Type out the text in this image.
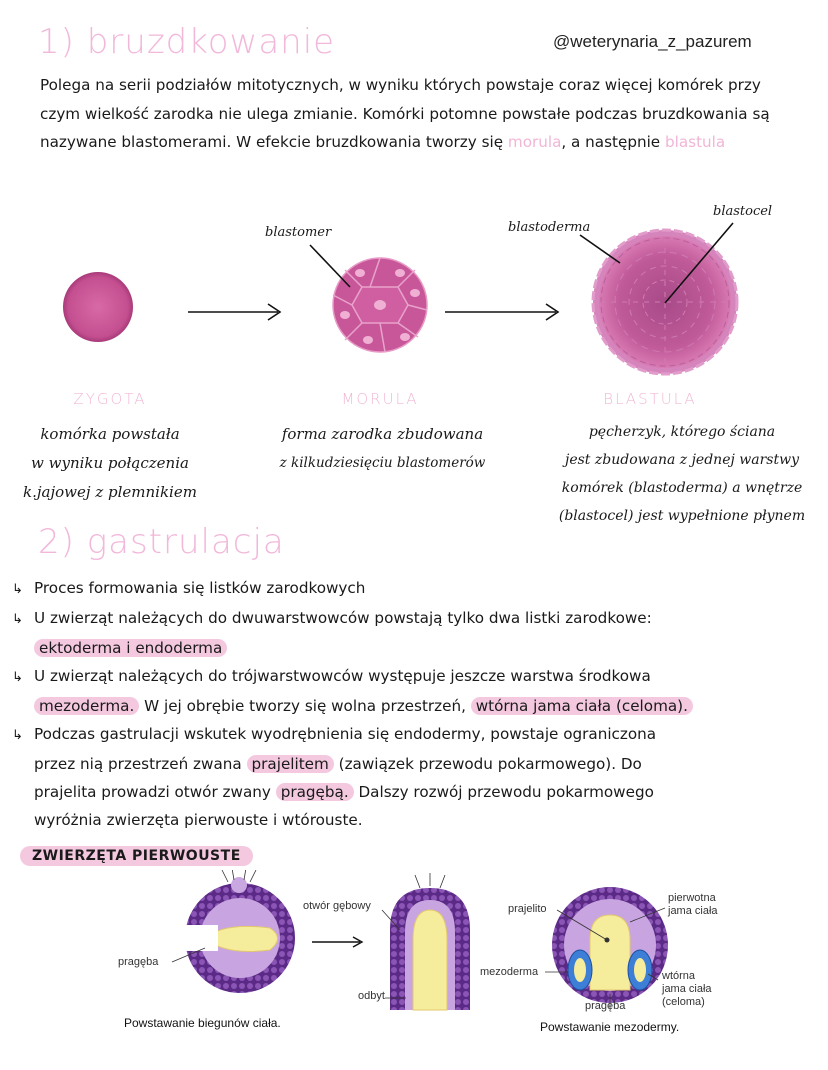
1) bruzdkowanie	@weterynaria_z_pazurem
Polega na serii podziałów mitotycznych, w wyniku których powstaje coraz więcej komórek przy czym wielkość zarodka nie ulega zmianie. Komórki potomne powstałe podczas bruzdkowania są nazywane blastomerami. W efekcie bruzdkowania tworzy się morula, a następnie blastula
blastomer	blastoderma
blastocel
ZYGOTA	MORULA	BLASTULA
komórka powstała
w wyniku połączenia
k.jajowej z plemnikiem
forma zarodka zbudowana
z kilkudziesięciu blastomerów
pęcherzyk, którego ściana
jest zbudowana z jednej warstwy
komórek (blastoderma) a wnętrze
(blastocel) jest wypełnione płynem
2) gastrulacja
↳ Proces formowania się listków zarodkowych
↳ U zwierząt należących do dwuwarstwowców powstają tylko dwa listki zarodkowe:
ektoderma i endoderma
↳ U zwierząt należących do trójwarstwowców występuje jeszcze warstwa środkowa
mezoderma. W jej obrębie tworzy się wolna przestrzeń, wtórna jama ciała (celoma).
↳ Podczas gastrulacji wskutek wyodrębnienia się endodermy, powstaje ograniczona
przez nią przestrzeń zwana prajelitem (zawiązek przewodu pokarmowego). Do
prajelita prowadzi otwór zwany pragębą. Dalszy rozwój przewodu pokarmowego
wyróżnia zwierzęta pierwouste i wtórouste.
ZWIERZĘTA PIERWOUSTE
pragęba
otwór gębowy
odbyt
prajelito
mezoderma
pragęba
pierwotna
jama ciała
wtórna
jama ciała
(celoma)
Powstawanie biegunów ciała.	Powstawanie mezodermy.
